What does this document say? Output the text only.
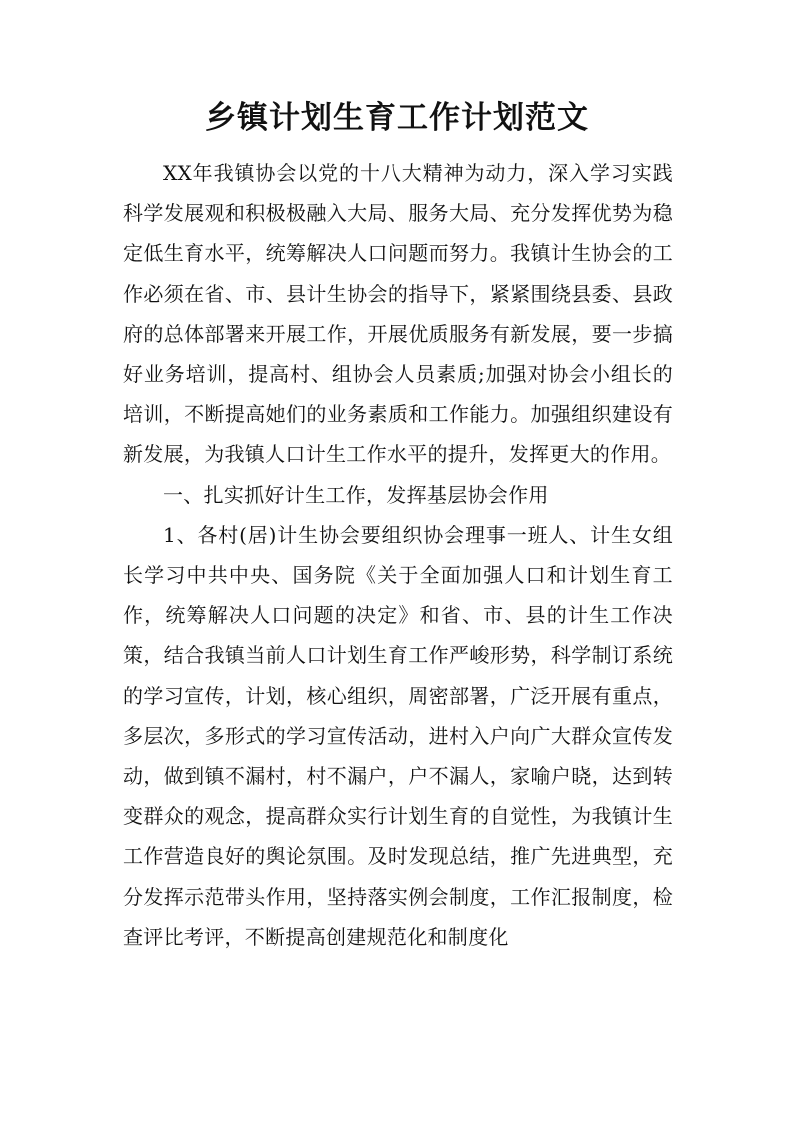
乡镇计划生育工作计划范文

XX年我镇协会以党的十八大精神为动力，深入学习实践科学发展观和积极极融入大局、服务大局、充分发挥优势为稳定低生育水平，统筹解决人口问题而努力。我镇计生协会的工作必须在省、市、县计生协会的指导下，紧紧围绕县委、县政府的总体部署来开展工作，开展优质服务有新发展，要一步搞好业务培训，提高村、组协会人员素质;加强对协会小组长的培训，不断提高她们的业务素质和工作能力。加强组织建设有新发展，为我镇人口计生工作水平的提升，发挥更大的作用。

一、扎实抓好计生工作，发挥基层协会作用

1、各村(居)计生协会要组织协会理事一班人、计生女组长学习中共中央、国务院《关于全面加强人口和计划生育工作，统筹解决人口问题的决定》和省、市、县的计生工作决策，结合我镇当前人口计划生育工作严峻形势，科学制订系统的学习宣传，计划，核心组织，周密部署，广泛开展有重点，多层次，多形式的学习宣传活动，进村入户向广大群众宣传发动，做到镇不漏村，村不漏户，户不漏人，家喻户晓，达到转变群众的观念，提高群众实行计划生育的自觉性，为我镇计生工作营造良好的舆论氛围。及时发现总结，推广先进典型，充分发挥示范带头作用，坚持落实例会制度，工作汇报制度，检查评比考评，不断提高创建规范化和制度化
